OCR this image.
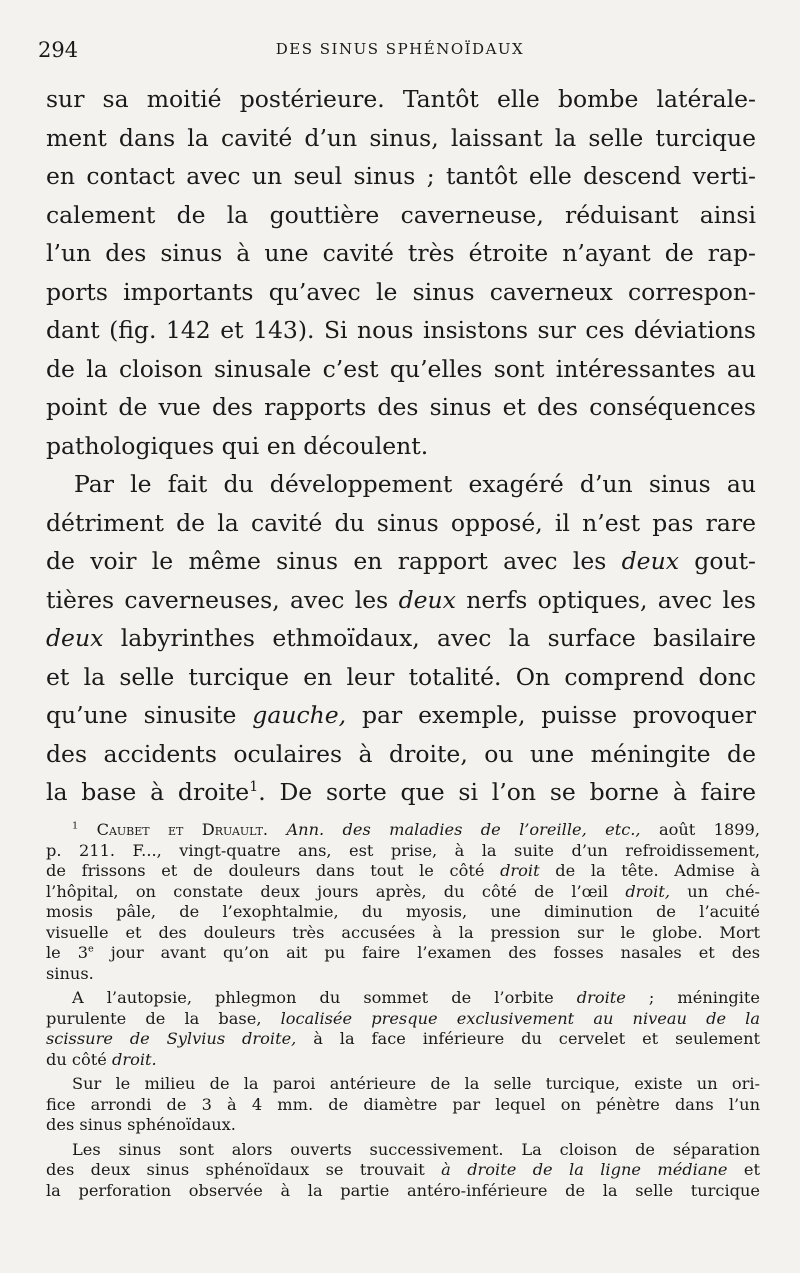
294	DES SINUS SPHÉNOÏDAUX
sur sa moitié postérieure. Tantôt elle bombe latérale-
ment dans la cavité d’un sinus, laissant la selle turcique
en contact avec un seul sinus ; tantôt elle descend verti-
calement de la gouttière caverneuse, réduisant ainsi
l’un des sinus à une cavité très étroite n’ayant de rap-
ports importants qu’avec le sinus caverneux correspon-
dant (fig. 142 et 143). Si nous insistons sur ces déviations
de la cloison sinusale c’est qu’elles sont intéressantes au
point de vue des rapports des sinus et des conséquences
pathologiques qui en découlent.
Par le fait du développement exagéré d’un sinus au
détriment de la cavité du sinus opposé, il n’est pas rare
de voir le même sinus en rapport avec les deux gout-
tières caverneuses, avec les deux nerfs optiques, avec les
deux labyrinthes ethmoïdaux, avec la surface basilaire
et la selle turcique en leur totalité. On comprend donc
qu’une sinusite gauche, par exemple, puisse provoquer
des accidents oculaires à droite, ou une méningite de
la base à droite$^1$. De sorte que si l’on se borne à faire
$^1$ Caubet et Druault. Ann. des maladies de l’oreille, etc., août 1899,
p. 211. F..., vingt-quatre ans, est prise, à la suite d’un refroidissement,
de frissons et de douleurs dans tout le côté droit de la tête. Admise à
l’hôpital, on constate deux jours après, du côté de l’œil droit, un ché-
mosis pâle, de l’exophtalmie, du myosis, une diminution de l’acuité
visuelle et des douleurs très accusées à la pression sur le globe. Mort
le 3e jour avant qu’on ait pu faire l’examen des fosses nasales et des
sinus.
A l’autopsie, phlegmon du sommet de l’orbite droite ; méningite
purulente de la base, localisée presque exclusivement au niveau de la
scissure de Sylvius droite, à la face inférieure du cervelet et seulement
du côté droit.
Sur le milieu de la paroi antérieure de la selle turcique, existe un ori-
fice arrondi de 3 à 4 mm. de diamètre par lequel on pénètre dans l’un
des sinus sphénoïdaux.
Les sinus sont alors ouverts successivement. La cloison de séparation
des deux sinus sphénoïdaux se trouvait à droite de la ligne médiane et
la perforation observée à la partie antéro-inférieure de la selle turcique
